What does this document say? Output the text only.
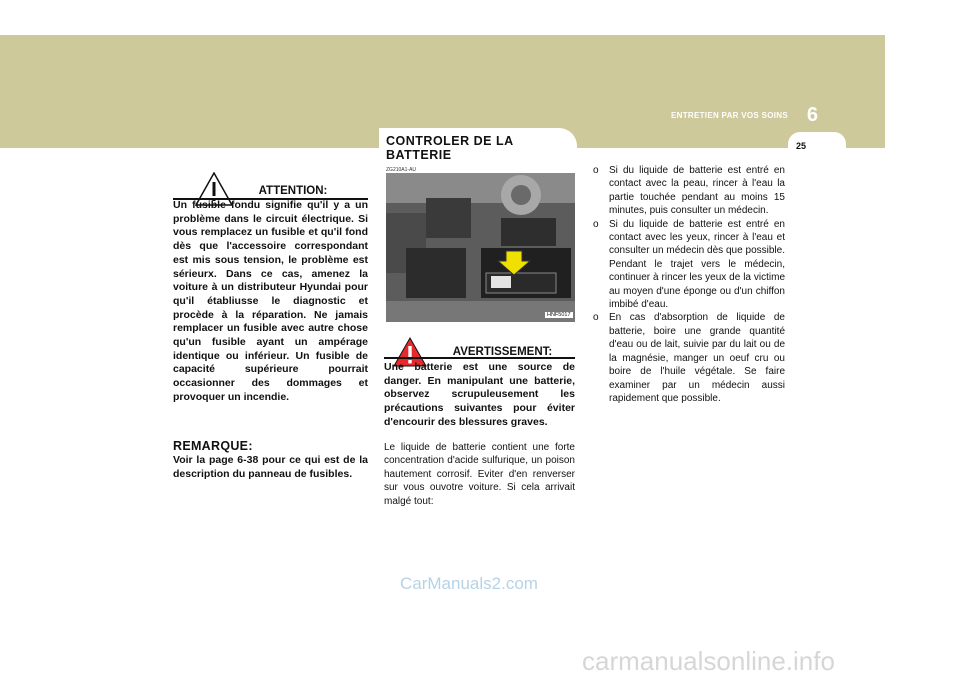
6
ENTRETIEN PAR VOS SOINS
25
CONTROLER DE LA BATTERIE
ZG210A1-AU
HNF5017
ATTENTION:
Un fusible fondu signifie qu'il y a un problème dans le circuit électrique. Si vous remplacez un fusible et qu'il fond dès que l'accessoire correspondant est mis sous tension, le problème est sérieurx. Dans ce cas, amenez la voiture à un distributeur Hyundai pour qu'il établiusse le diagnostic et procède à la réparation. Ne jamais remplacer un fusible avec autre chose qu'un fusible ayant un ampérage identique ou inférieur. Un fusible de capacité supérieure pourrait occasionner des dommages et provoquer un incendie.
REMARQUE:
Voir la page 6-38 pour ce qui est de la description du panneau de fusibles.
AVERTISSEMENT:
Une batterie est une source de danger. En manipulant une batterie, observez scrupuleusement les précautions suivantes pour éviter d'encourir des blessures graves.
Le liquide de batterie contient une forte concentration d'acide sulfurique, un poison hautement corrosif. Eviter d'en renverser sur vous ouvotre voiture. Si cela arrivait malgé tout:
o	Si du liquide de batterie est entré en contact avec la peau, rincer à l'eau la partie touchée pendant au moins 15 minutes, puis consulter un médecin.
o	Si du liquide de batterie est entré en contact avec les yeux, rincer à l'eau et consulter un médecin dès que possible. Pendant le trajet vers le médecin, continuer à rincer les yeux de la victime au moyen d'une éponge ou d'un chiffon imbibé d'eau.
o	En cas d'absorption de liquide de batterie, boire une grande quantité d'eau ou de lait, suivie par du lait ou de la magnésie, manger un oeuf cru ou boire de l'huile végétale. Se faire examiner par un médecin aussi rapidement que possible.
CarManuals2.com
carmanualsonline.info
